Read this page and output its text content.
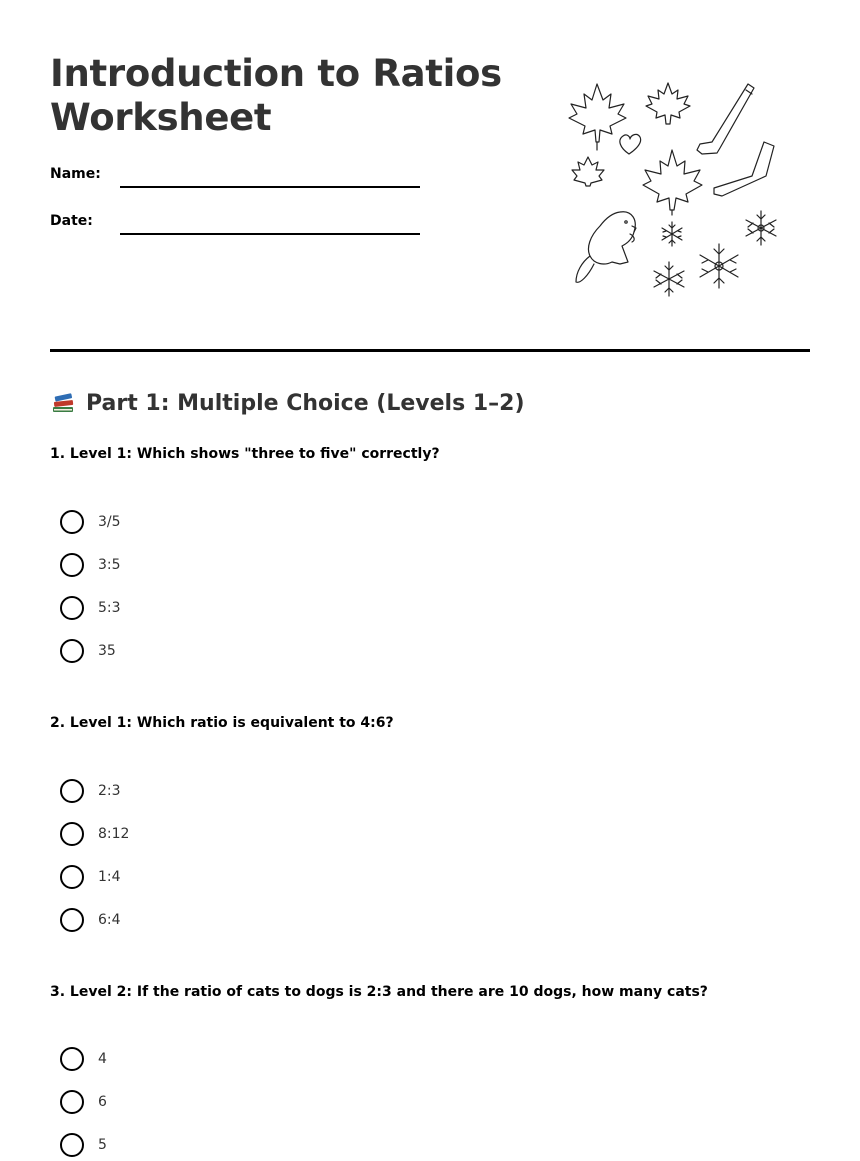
Introduction to Ratios
Worksheet
Name:
Date:
Part 1: Multiple Choice (Levels 1–2)
1. Level 1: Which shows "three to five" correctly?
3/5
3:5
5:3
35
2. Level 1: Which ratio is equivalent to 4:6?
2:3
8:12
1:4
6:4
3. Level 2: If the ratio of cats to dogs is 2:3 and there are 10 dogs, how many cats?
4
6
5
